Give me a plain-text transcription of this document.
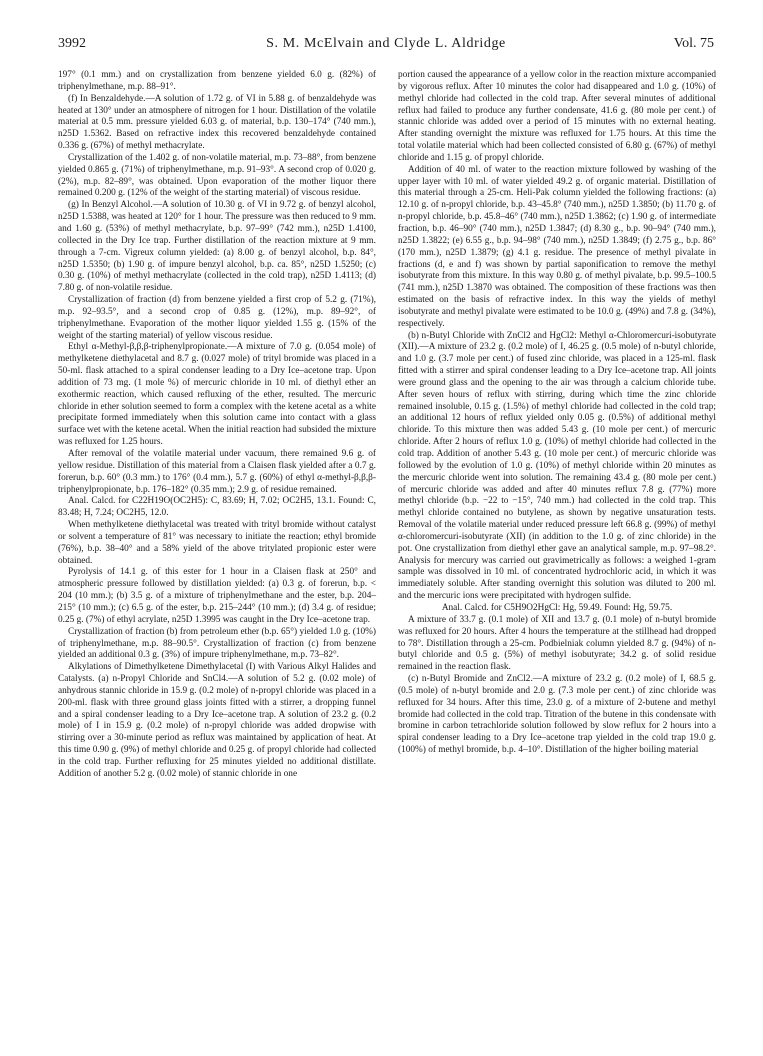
3992	S. M. McElvain and Clyde L. Aldridge	Vol. 75

197° (0.1 mm.) and on crystallization from benzene yielded 6.0 g. (82%) of triphenylmethane, m.p. 88–91°.

(f) In Benzaldehyde.—A solution of 1.72 g. of VI in 5.88 g. of benzaldehyde was heated at 130° under an atmosphere of nitrogen for 1 hour. Distillation of the volatile material at 0.5 mm. pressure yielded 6.03 g. of material, b.p. 130–174° (740 mm.), n25D 1.5362. Based on refractive index this recovered benzaldehyde contained 0.336 g. (67%) of methyl methacrylate.

Crystallization of the 1.402 g. of non-volatile material, m.p. 73–88°, from benzene yielded 0.865 g. (71%) of triphenylmethane, m.p. 91–93°. A second crop of 0.020 g. (2%), m.p. 82–89°, was obtained. Upon evaporation of the mother liquor there remained 0.200 g. (12% of the weight of the starting material) of viscous residue.

(g) In Benzyl Alcohol.—A solution of 10.30 g. of VI in 9.72 g. of benzyl alcohol, n25D 1.5388, was heated at 120° for 1 hour. The pressure was then reduced to 9 mm. and 1.60 g. (53%) of methyl methacrylate, b.p. 97–99° (742 mm.), n25D 1.4100, collected in the Dry Ice trap. Further distillation of the reaction mixture at 9 mm. through a 7-cm. Vigreux column yielded: (a) 8.00 g. of benzyl alcohol, b.p. 84°, n25D 1.5350; (b) 1.90 g. of impure benzyl alcohol, b.p. ca. 85°, n25D 1.5250; (c) 0.30 g. (10%) of methyl methacrylate (collected in the cold trap), n25D 1.4113; (d) 7.80 g. of non-volatile residue.

Crystallization of fraction (d) from benzene yielded a first crop of 5.2 g. (71%), m.p. 92–93.5°, and a second crop of 0.85 g. (12%), m.p. 89–92°, of triphenylmethane. Evaporation of the mother liquor yielded 1.55 g. (15% of the weight of the starting material) of yellow viscous residue.

Ethyl α-Methyl-β,β,β-triphenylpropionate.—A mixture of 7.0 g. (0.054 mole) of methylketene diethylacetal and 8.7 g. (0.027 mole) of trityl bromide was placed in a 50-ml. flask attached to a spiral condenser leading to a Dry Ice–acetone trap. Upon addition of 73 mg. (1 mole %) of mercuric chloride in 10 ml. of diethyl ether an exothermic reaction, which caused refluxing of the ether, resulted. The mercuric chloride in ether solution seemed to form a complex with the ketene acetal as a white precipitate formed immediately when this solution came into contact with a glass surface wet with the ketene acetal. When the initial reaction had subsided the mixture was refluxed for 1.25 hours.

After removal of the volatile material under vacuum, there remained 9.6 g. of yellow residue. Distillation of this material from a Claisen flask yielded after a 0.7 g. forerun, b.p. 60° (0.3 mm.) to 176° (0.4 mm.), 5.7 g. (60%) of ethyl α-methyl-β,β,β-triphenylpropionate, b.p. 176–182° (0.35 mm.); 2.9 g. of residue remained.

Anal. Calcd. for C22H19O(OC2H5): C, 83.69; H, 7.02; OC2H5, 13.1. Found: C, 83.48; H, 7.24; OC2H5, 12.0.

When methylketene diethylacetal was treated with trityl bromide without catalyst or solvent a temperature of 81° was necessary to initiate the reaction; ethyl bromide (76%), b.p. 38–40° and a 58% yield of the above tritylated propionic ester were obtained.

Pyrolysis of 14.1 g. of this ester for 1 hour in a Claisen flask at 250° and atmospheric pressure followed by distillation yielded: (a) 0.3 g. of forerun, b.p. < 204 (10 mm.); (b) 3.5 g. of a mixture of triphenylmethane and the ester, b.p. 204–215° (10 mm.); (c) 6.5 g. of the ester, b.p. 215–244° (10 mm.); (d) 3.4 g. of residue; 0.25 g. (7%) of ethyl acrylate, n25D 1.3995 was caught in the Dry Ice–acetone trap.

Crystallization of fraction (b) from petroleum ether (b.p. 65°) yielded 1.0 g. (10%) of triphenylmethane, m.p. 88–90.5°. Crystallization of fraction (c) from benzene yielded an additional 0.3 g. (3%) of impure triphenylmethane, m.p. 73–82°.

Alkylations of Dimethylketene Dimethylacetal (I) with Various Alkyl Halides and Catalysts. (a) n-Propyl Chloride and SnCl4.—A solution of 5.2 g. (0.02 mole) of anhydrous stannic chloride in 15.9 g. (0.2 mole) of n-propyl chloride was placed in a 200-ml. flask with three ground glass joints fitted with a stirrer, a dropping funnel and a spiral condenser leading to a Dry Ice–acetone trap. A solution of 23.2 g. (0.2 mole) of I in 15.9 g. (0.2 mole) of n-propyl chloride was added dropwise with stirring over a 30-minute period as reflux was maintained by application of heat. At this time 0.90 g. (9%) of methyl chloride and 0.25 g. of propyl chloride had collected in the cold trap. Further refluxing for 25 minutes yielded no additional distillate. Addition of another 5.2 g. (0.02 mole) of stannic chloride in one

portion caused the appearance of a yellow color in the reaction mixture accompanied by vigorous reflux. After 10 minutes the color had disappeared and 1.0 g. (10%) of methyl chloride had collected in the cold trap. After several minutes of additional reflux had failed to produce any further condensate, 41.6 g. (80 mole per cent.) of stannic chloride was added over a period of 15 minutes with no external heating. After standing overnight the mixture was refluxed for 1.75 hours. At this time the total volatile material which had been collected consisted of 6.80 g. (67%) of methyl chloride and 1.15 g. of propyl chloride.

Addition of 40 ml. of water to the reaction mixture followed by washing of the upper layer with 10 ml. of water yielded 49.2 g. of organic material. Distillation of this material through a 25-cm. Heli-Pak column yielded the following fractions: (a) 12.10 g. of n-propyl chloride, b.p. 43–45.8° (740 mm.), n25D 1.3850; (b) 11.70 g. of n-propyl chloride, b.p. 45.8–46° (740 mm.), n25D 1.3862; (c) 1.90 g. of intermediate fraction, b.p. 46–90° (740 mm.), n25D 1.3847; (d) 8.30 g., b.p. 90–94° (740 mm.), n25D 1.3822; (e) 6.55 g., b.p. 94–98° (740 mm.), n25D 1.3849; (f) 2.75 g., b.p. 86° (170 mm.), n25D 1.3879; (g) 4.1 g. residue. The presence of methyl pivalate in fractions (d, e and f) was shown by partial saponification to remove the methyl isobutyrate from this mixture. In this way 0.80 g. of methyl pivalate, b.p. 99.5–100.5 (741 mm.), n25D 1.3870 was obtained. The composition of these fractions was then estimated on the basis of refractive index. In this way the yields of methyl isobutyrate and methyl pivalate were estimated to be 10.0 g. (49%) and 7.8 g. (34%), respectively.

(b) n-Butyl Chloride with ZnCl2 and HgCl2: Methyl α-Chloromercuri-isobutyrate (XII).—A mixture of 23.2 g. (0.2 mole) of I, 46.25 g. (0.5 mole) of n-butyl chloride, and 1.0 g. (3.7 mole per cent.) of fused zinc chloride, was placed in a 125-ml. flask fitted with a stirrer and spiral condenser leading to a Dry Ice–acetone trap. All joints were ground glass and the opening to the air was through a calcium chloride tube. After seven hours of reflux with stirring, during which time the zinc chloride remained insoluble, 0.15 g. (1.5%) of methyl chloride had collected in the cold trap; an additional 12 hours of reflux yielded only 0.05 g. (0.5%) of additional methyl chloride. To this mixture then was added 5.43 g. (10 mole per cent.) of mercuric chloride. After 2 hours of reflux 1.0 g. (10%) of methyl chloride had collected in the cold trap. Addition of another 5.43 g. (10 mole per cent.) of mercuric chloride was followed by the evolution of 1.0 g. (10%) of methyl chloride within 20 minutes as the mercuric chloride went into solution. The remaining 43.4 g. (80 mole per cent.) of mercuric chloride was added and after 40 minutes reflux 7.8 g. (77%) more methyl chloride (b.p. −22 to −15°, 740 mm.) had collected in the cold trap. This methyl chloride contained no butylene, as shown by negative unsaturation tests. Removal of the volatile material under reduced pressure left 66.8 g. (99%) of methyl α-chloromercuri-isobutyrate (XII) (in addition to the 1.0 g. of zinc chloride) in the pot. One crystallization from diethyl ether gave an analytical sample, m.p. 97–98.2°. Analysis for mercury was carried out gravimetrically as follows: a weighed 1-gram sample was dissolved in 10 ml. of concentrated hydrochloric acid, in which it was immediately soluble. After standing overnight this solution was diluted to 200 ml. and the mercuric ions were precipitated with hydrogen sulfide.

Anal. Calcd. for C5H9O2HgCl: Hg, 59.49. Found: Hg, 59.75.

A mixture of 33.7 g. (0.1 mole) of XII and 13.7 g. (0.1 mole) of n-butyl bromide was refluxed for 20 hours. After 4 hours the temperature at the stillhead had dropped to 78°. Distillation through a 25-cm. Podbielniak column yielded 8.7 g. (94%) of n-butyl chloride and 0.5 g. (5%) of methyl isobutyrate; 34.2 g. of solid residue remained in the reaction flask.

(c) n-Butyl Bromide and ZnCl2.—A mixture of 23.2 g. (0.2 mole) of I, 68.5 g. (0.5 mole) of n-butyl bromide and 2.0 g. (7.3 mole per cent.) of zinc chloride was refluxed for 34 hours. After this time, 23.0 g. of a mixture of 2-butene and methyl bromide had collected in the cold trap. Titration of the butene in this condensate with bromine in carbon tetrachloride solution followed by slow reflux for 2 hours into a spiral condenser leading to a Dry Ice–acetone trap yielded in the cold trap 19.0 g. (100%) of methyl bromide, b.p. 4–10°. Distillation of the higher boiling material
